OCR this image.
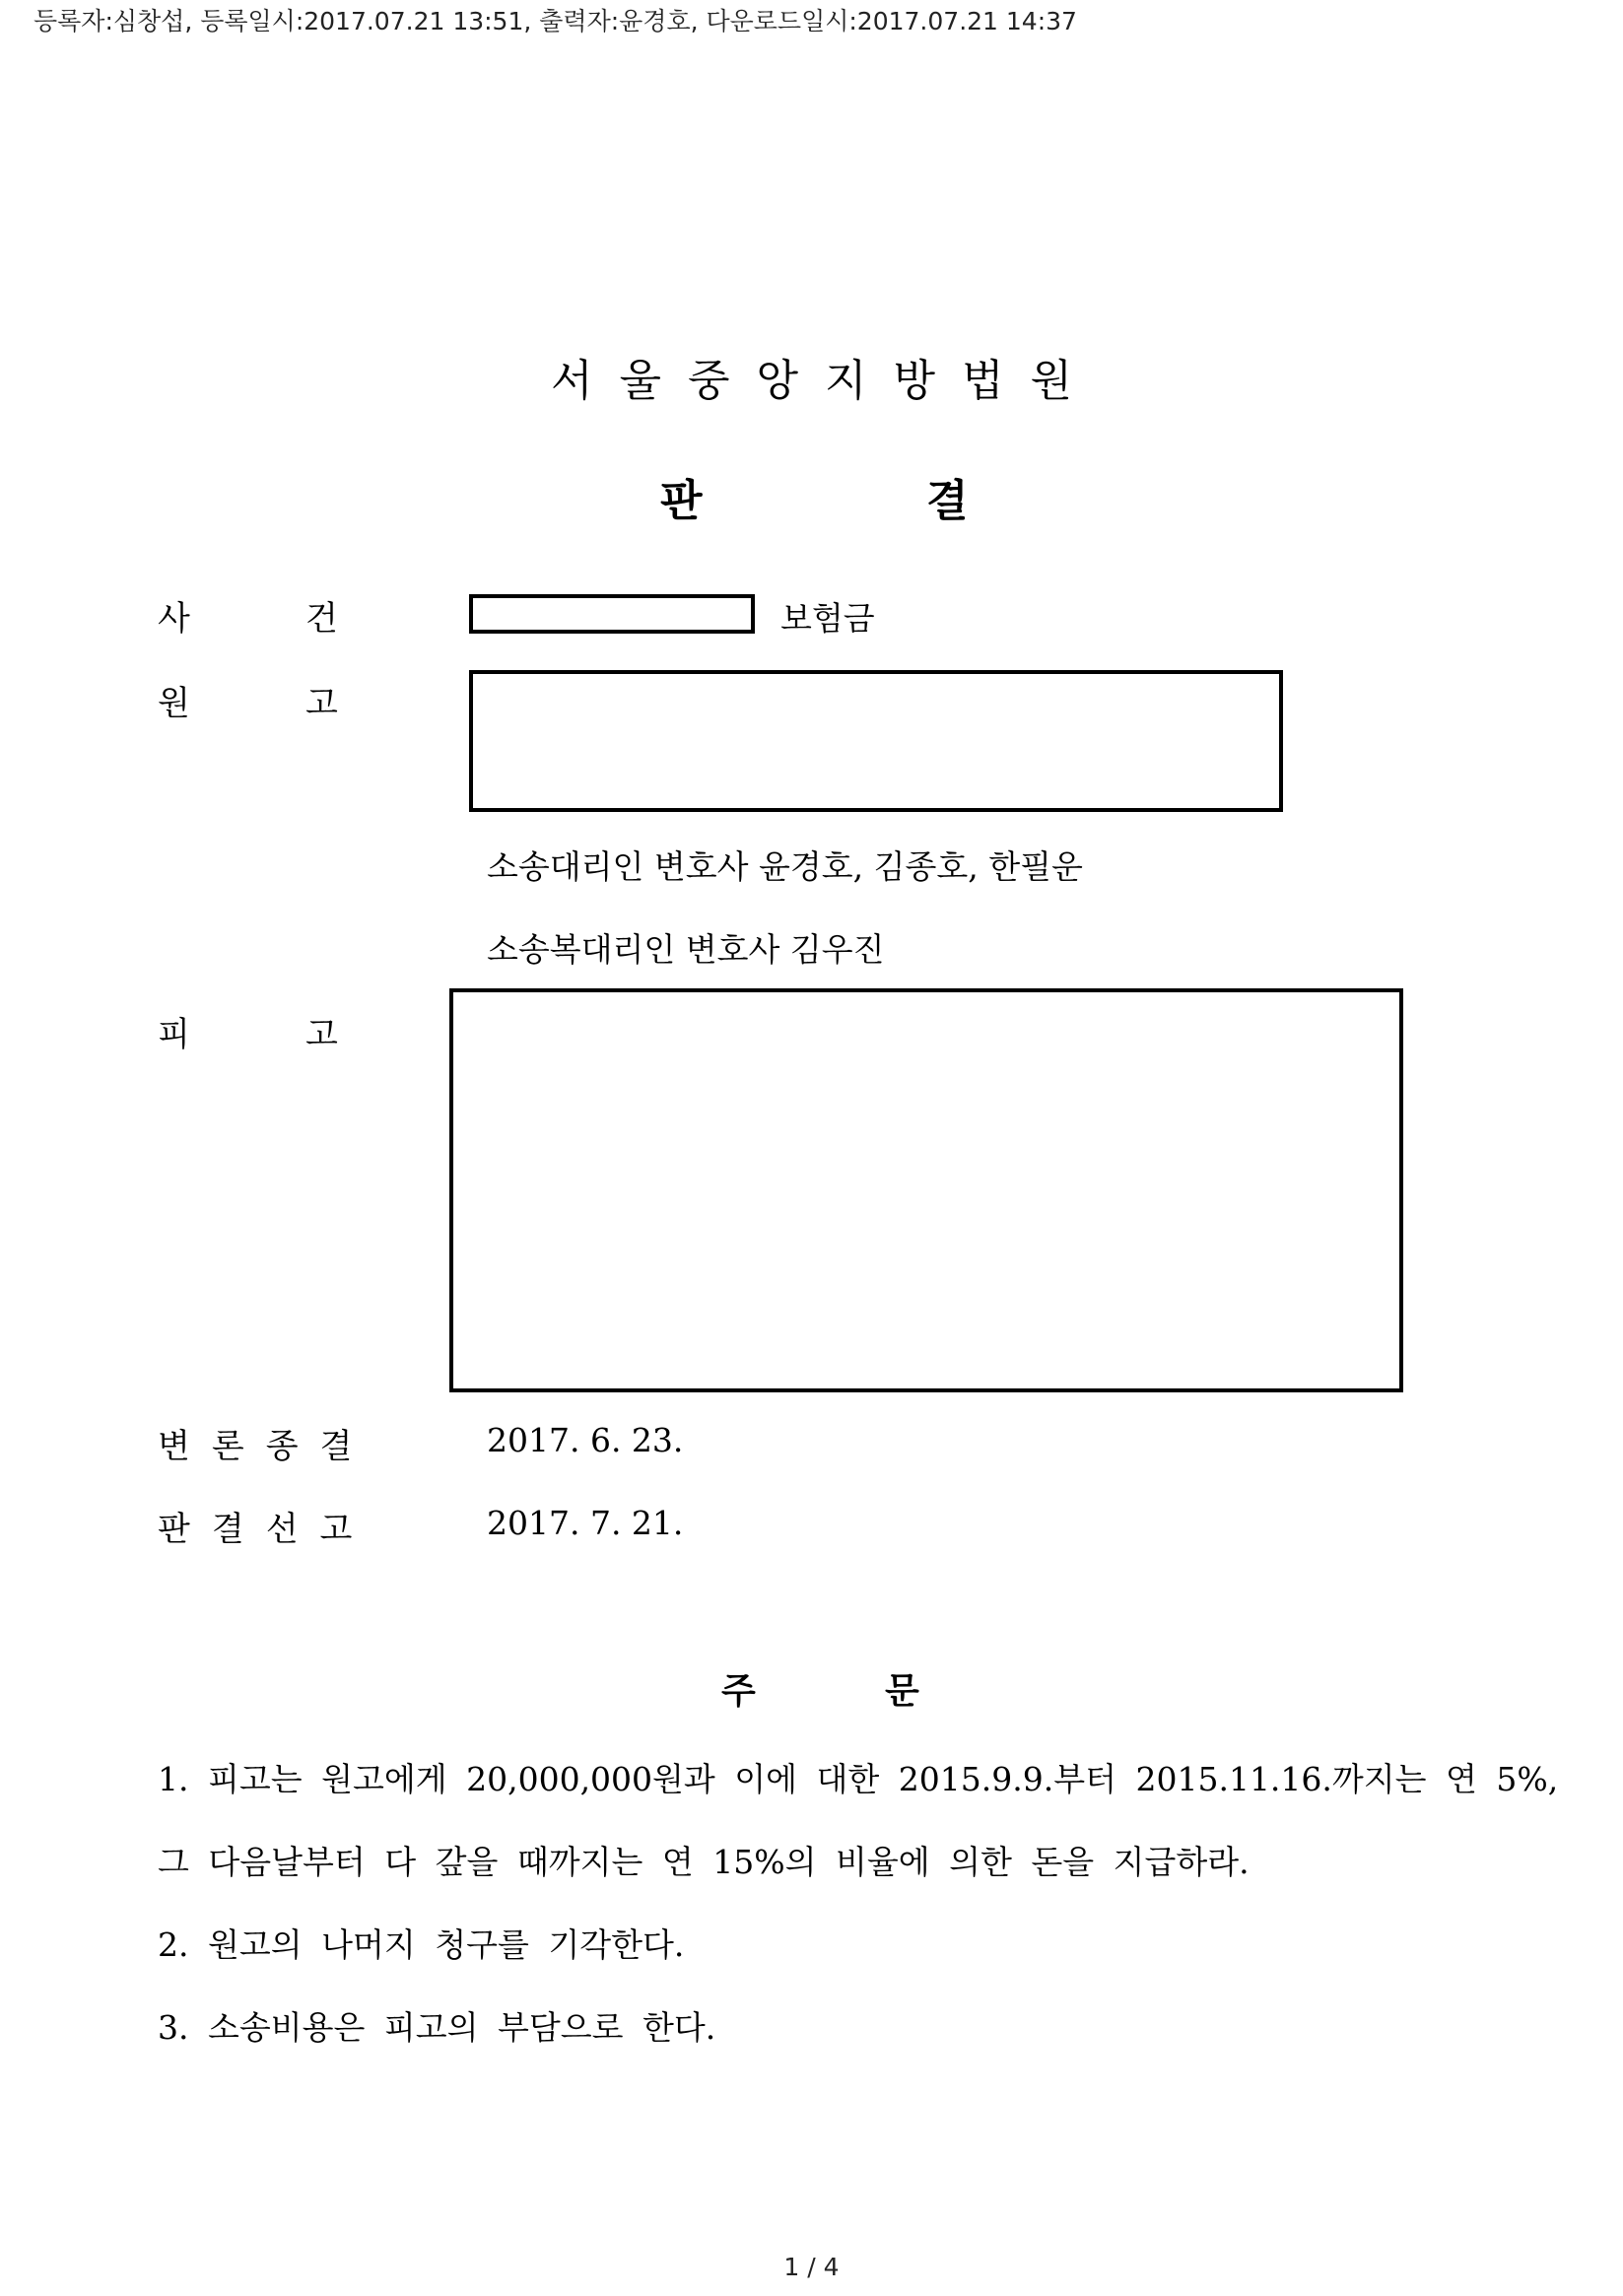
등록자:심창섭, 등록일시:2017.07.21 13:51, 출력자:윤경호, 다운로드일시:2017.07.21 14:37
서울중앙지방법원
판	결
사	건	보험금
원	고
소송대리인 변호사 윤경호, 김종호, 한필운
소송복대리인 변호사 김우진
피	고
변론종결	2017. 6. 23.
판결선고	2017. 7. 21.
주	문
1. 피고는 원고에게 20,000,000원과 이에 대한 2015.9.9.부터 2015.11.16.까지는 연 5%,
그 다음날부터 다 갚을 때까지는 연 15%의 비율에 의한 돈을 지급하라.
2. 원고의 나머지 청구를 기각한다.
3. 소송비용은 피고의 부담으로 한다.
1 / 4
